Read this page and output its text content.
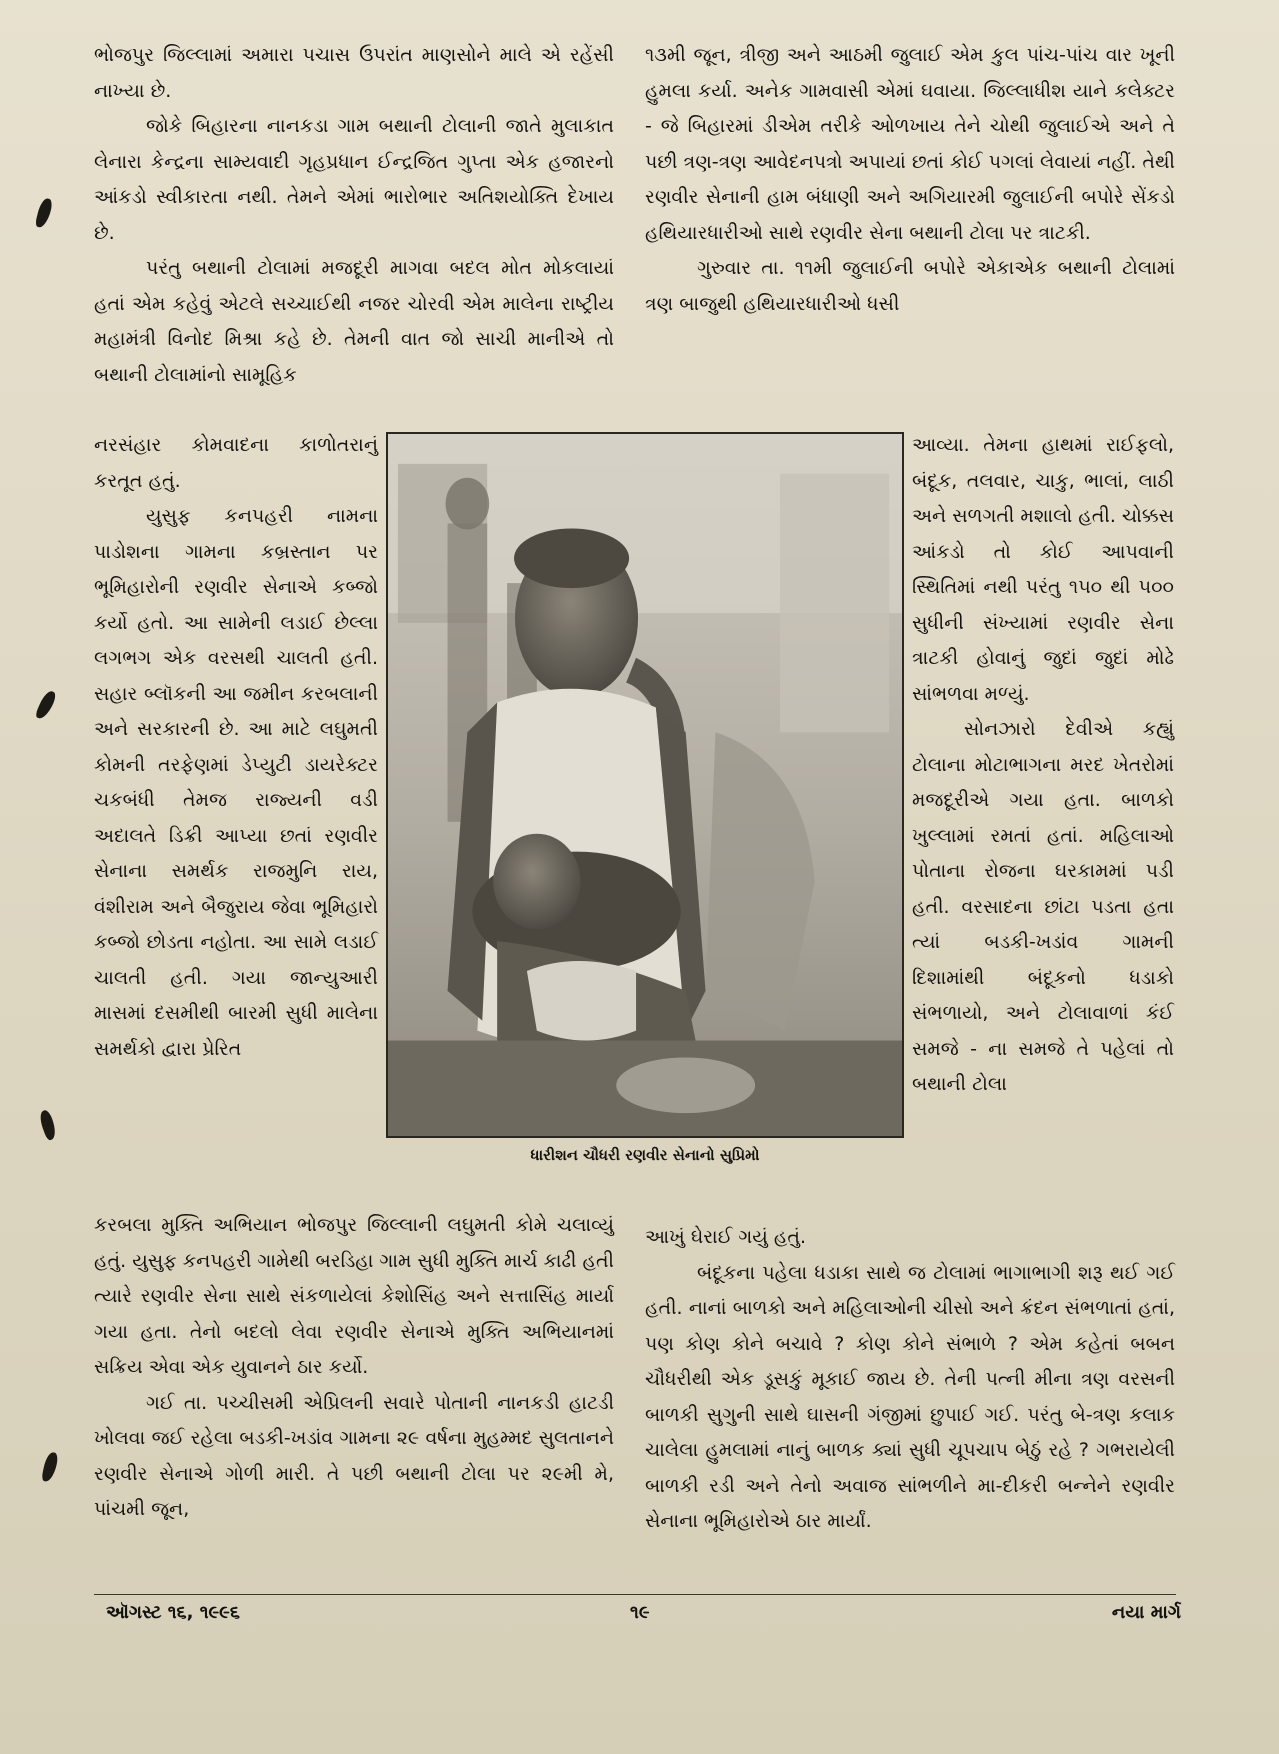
ભોજપુર જિલ્લામાં અમારા પચાસ ઉપરાંત માણસોને માલે એ રહેંસી નાખ્યા છે.

જોકે બિહારના નાનકડા ગામ બથાની ટોલાની જાતે મુલાકાત લેનારા કેન્દ્રના સામ્યવાદી ગૃહપ્રધાન ઈન્દ્રજિત ગુપ્તા એક હજારનો આંકડો સ્વીકારતા નથી. તેમને એમાં ભારોભાર અતિશયોક્તિ દેખાય છે.

પરંતુ બથાની ટોલામાં મજદૂરી માગવા બદલ મોત મોકલાયાં હતાં એમ કહેવું એટલે સચ્ચાઈથી નજર ચોરવી એમ માલેના રાષ્ટ્રીય મહામંત્રી વિનોદ મિશ્રા કહે છે. તેમની વાત જો સાચી માનીએ તો બથાની ટોલામાંનો સામૂહિક

નરસંહાર કોમવાદના કાળોતરાનું કરતૂત હતું.

યુસુફ કનપહરી નામના પાડોશના ગામના કબ્રસ્તાન પર ભૂમિહારોની રણવીર સેનાએ કબ્જો કર્યો હતો. આ સામેની લડાઈ છેલ્લા લગભગ એક વરસથી ચાલતી હતી. સહાર બ્લૉકની આ જમીન કરબલાની અને સરકારની છે. આ માટે લઘુમતી કોમની તરફેણમાં ડેપ્યુટી ડાયરેક્ટર ચકબંધી તેમજ રાજ્યની વડી અદાલતે ડિક્રી આપ્યા છતાં રણવીર સેનાના સમર્થક રાજમુનિ રાય, વંશીરામ અને બૈજુરાય જેવા ભૂમિહારો કબ્જો છોડતા નહોતા. આ સામે લડાઈ ચાલતી હતી. ગયા જાન્યુઆરી માસમાં દસમીથી બારમી સુધી માલેના સમર્થકો દ્વારા પ્રેરિત

કરબલા મુક્તિ અભિયાન ભોજપુર જિલ્લાની લઘુમતી કોમે ચલાવ્યું હતું. યુસુફ કનપહરી ગામેથી બરડિહા ગામ સુધી મુક્તિ માર્ચ કાઢી હતી ત્યારે રણવીર સેના સાથે સંકળાયેલાં કેશોસિંહ અને સત્તાસિંહ માર્યા ગયા હતા. તેનો બદલો લેવા રણવીર સેનાએ મુક્તિ અભિયાનમાં સક્રિય એવા એક યુવાનને ઠાર કર્યો.

ગઈ તા. પચ્ચીસમી એપ્રિલની સવારે પોતાની નાનકડી હાટડી ખોલવા જઈ રહેલા બડકી-ખડાંવ ગામના ૨૯ વર્ષના મુહમ્મદ સુલતાનને રણવીર સેનાએ ગોળી મારી. તે પછી બથાની ટોલા પર ૨૯મી મે, પાંચમી જૂન,

૧૩મી જૂન, ત્રીજી અને આઠમી જુલાઈ એમ કુલ પાંચ-પાંચ વાર ખૂની હુમલા કર્યા. અનેક ગામવાસી એમાં ઘવાયા. જિલ્લાધીશ યાને કલેક્ટર - જે બિહારમાં ડીએમ તરીકે ઓળખાય તેને ચોથી જુલાઈએ અને તે પછી ત્રણ-ત્રણ આવેદનપત્રો અપાયાં છતાં કોઈ પગલાં લેવાયાં નહીં. તેથી રણવીર સેનાની હામ બંધાણી અને અગિયારમી જુલાઈની બપોરે સેંકડો હથિયારધારીઓ સાથે રણવીર સેના બથાની ટોલા પર ત્રાટકી.

ગુરુવાર તા. ૧૧મી જુલાઈની બપોરે એકાએક બથાની ટોલામાં ત્રણ બાજુથી હથિયારધારીઓ ધસી

આવ્યા. તેમના હાથમાં રાઈફલો, બંદૂક, તલવાર, ચાકુ, ભાલાં, લાઠી અને સળગતી મશાલો હતી. ચોક્કસ આંકડો તો કોઈ આપવાની સ્થિતિમાં નથી પરંતુ ૧૫૦ થી ૫૦૦ સુધીની સંખ્યામાં રણવીર સેના ત્રાટકી હોવાનું જુદાં જુદાં મોઢે સાંભળવા મળ્યું.

સોનઝારો દેવીએ કહ્યું ટોલાના મોટાભાગના મરદ ખેતરોમાં મજદૂરીએ ગયા હતા. બાળકો ખુલ્લામાં રમતાં હતાં. મહિલાઓ પોતાના રોજના ઘરકામમાં પડી હતી. વરસાદના છાંટા પડતા હતા ત્યાં બડકી-ખડાંવ ગામની દિશામાંથી બંદૂકનો ધડાકો સંભળાયો, અને ટોલાવાળાં કંઈ સમજે - ના સમજે તે પહેલાં તો બથાની ટોલા

આખું ઘેરાઈ ગયું હતું.

બંદૂકના પહેલા ધડાકા સાથે જ ટોલામાં ભાગાભાગી શરૂ થઈ ગઈ હતી. નાનાં બાળકો અને મહિલાઓની ચીસો અને ક્રંદન સંભળાતાં હતાં, પણ કોણ કોને બચાવે ? કોણ કોને સંભાળે ? એમ કહેતાં બબન ચૌધરીથી એક ડૂસકું મૂકાઈ જાય છે. તેની પત્ની મીના ત્રણ વરસની બાળકી સુગુની સાથે ઘાસની ગંજીમાં છુપાઈ ગઈ. પરંતુ બે-ત્રણ કલાક ચાલેલા હુમલામાં નાનું બાળક ક્યાં સુધી ચૂપચાપ બેઠું રહે ? ગભરાયેલી બાળકી રડી અને તેનો અવાજ સાંભળીને મા-દીકરી બન્નેને રણવીર સેનાના ભૂમિહારોએ ઠાર માર્યાં.

ધારીશન ચૌધરી રણવીર સેનાનો સુપ્રિમો
ઑગસ્ટ ૧૬, ૧૯૯૬	૧૯	નયા માર્ગ
